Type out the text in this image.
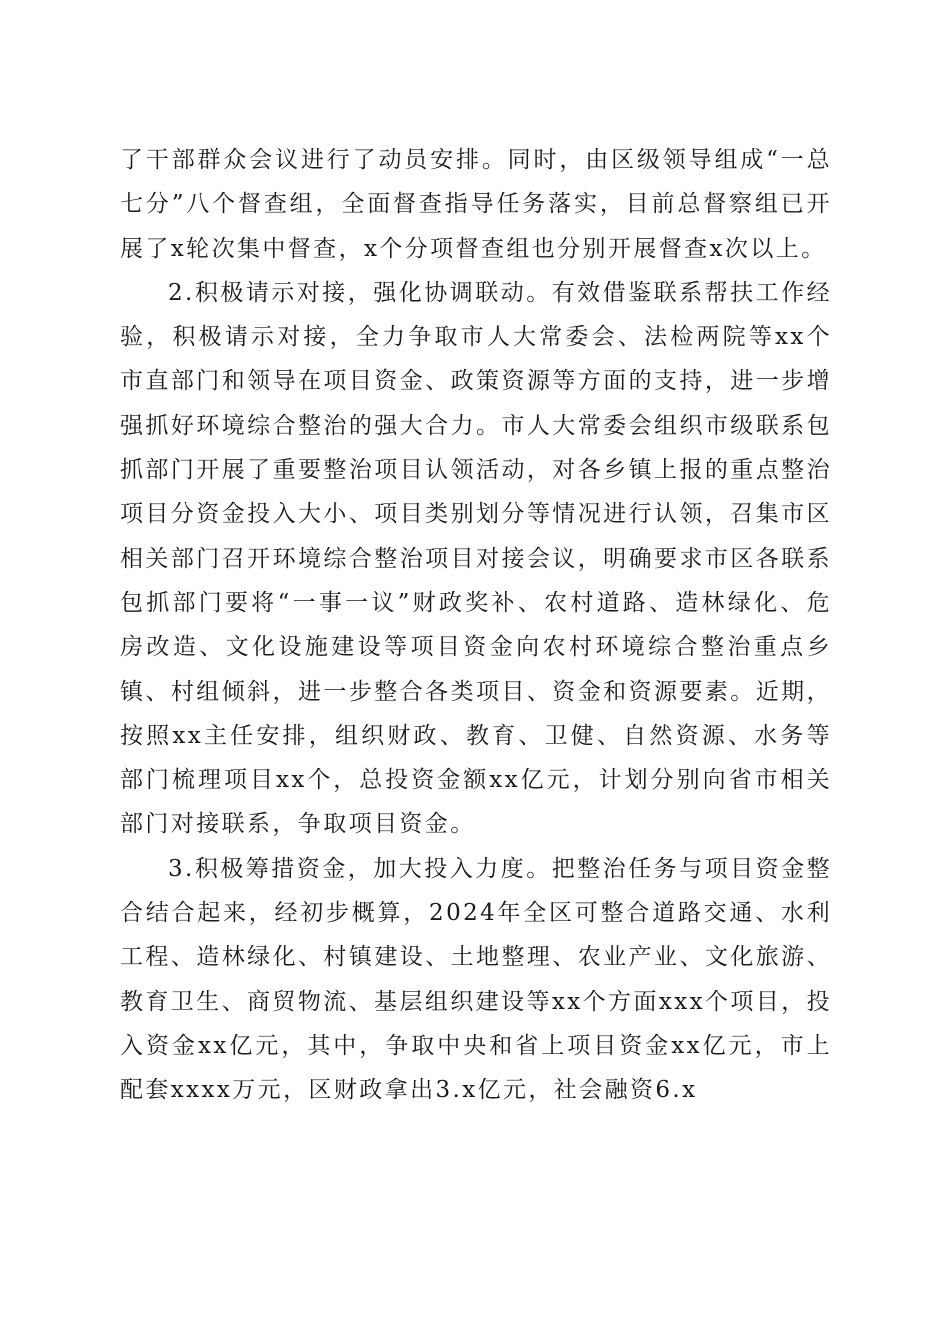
了干部群众会议进行了动员安排。同时，由区级领导组成“一总七分”八个督查组，全面督查指导任务落实，目前总督察组已开展了x轮次集中督查，x个分项督查组也分别开展督查x次以上。

2.积极请示对接，强化协调联动。有效借鉴联系帮扶工作经验，积极请示对接，全力争取市人大常委会、法检两院等xx个市直部门和领导在项目资金、政策资源等方面的支持，进一步增强抓好环境综合整治的强大合力。市人大常委会组织市级联系包抓部门开展了重要整治项目认领活动，对各乡镇上报的重点整治项目分资金投入大小、项目类别划分等情况进行认领，召集市区相关部门召开环境综合整治项目对接会议，明确要求市区各联系包抓部门要将“一事一议”财政奖补、农村道路、造林绿化、危房改造、文化设施建设等项目资金向农村环境综合整治重点乡镇、村组倾斜，进一步整合各类项目、资金和资源要素。近期，按照xx主任安排，组织财政、教育、卫健、自然资源、水务等部门梳理项目xx个，总投资金额xx亿元，计划分别向省市相关部门对接联系，争取项目资金。

3.积极筹措资金，加大投入力度。把整治任务与项目资金整合结合起来，经初步概算，2024年全区可整合道路交通、水利工程、造林绿化、村镇建设、土地整理、农业产业、文化旅游、教育卫生、商贸物流、基层组织建设等xx个方面xxx个项目，投入资金xx亿元，其中，争取中央和省上项目资金xx亿元，市上配套xxxx万元，区财政拿出3.x亿元，社会融资6.x
